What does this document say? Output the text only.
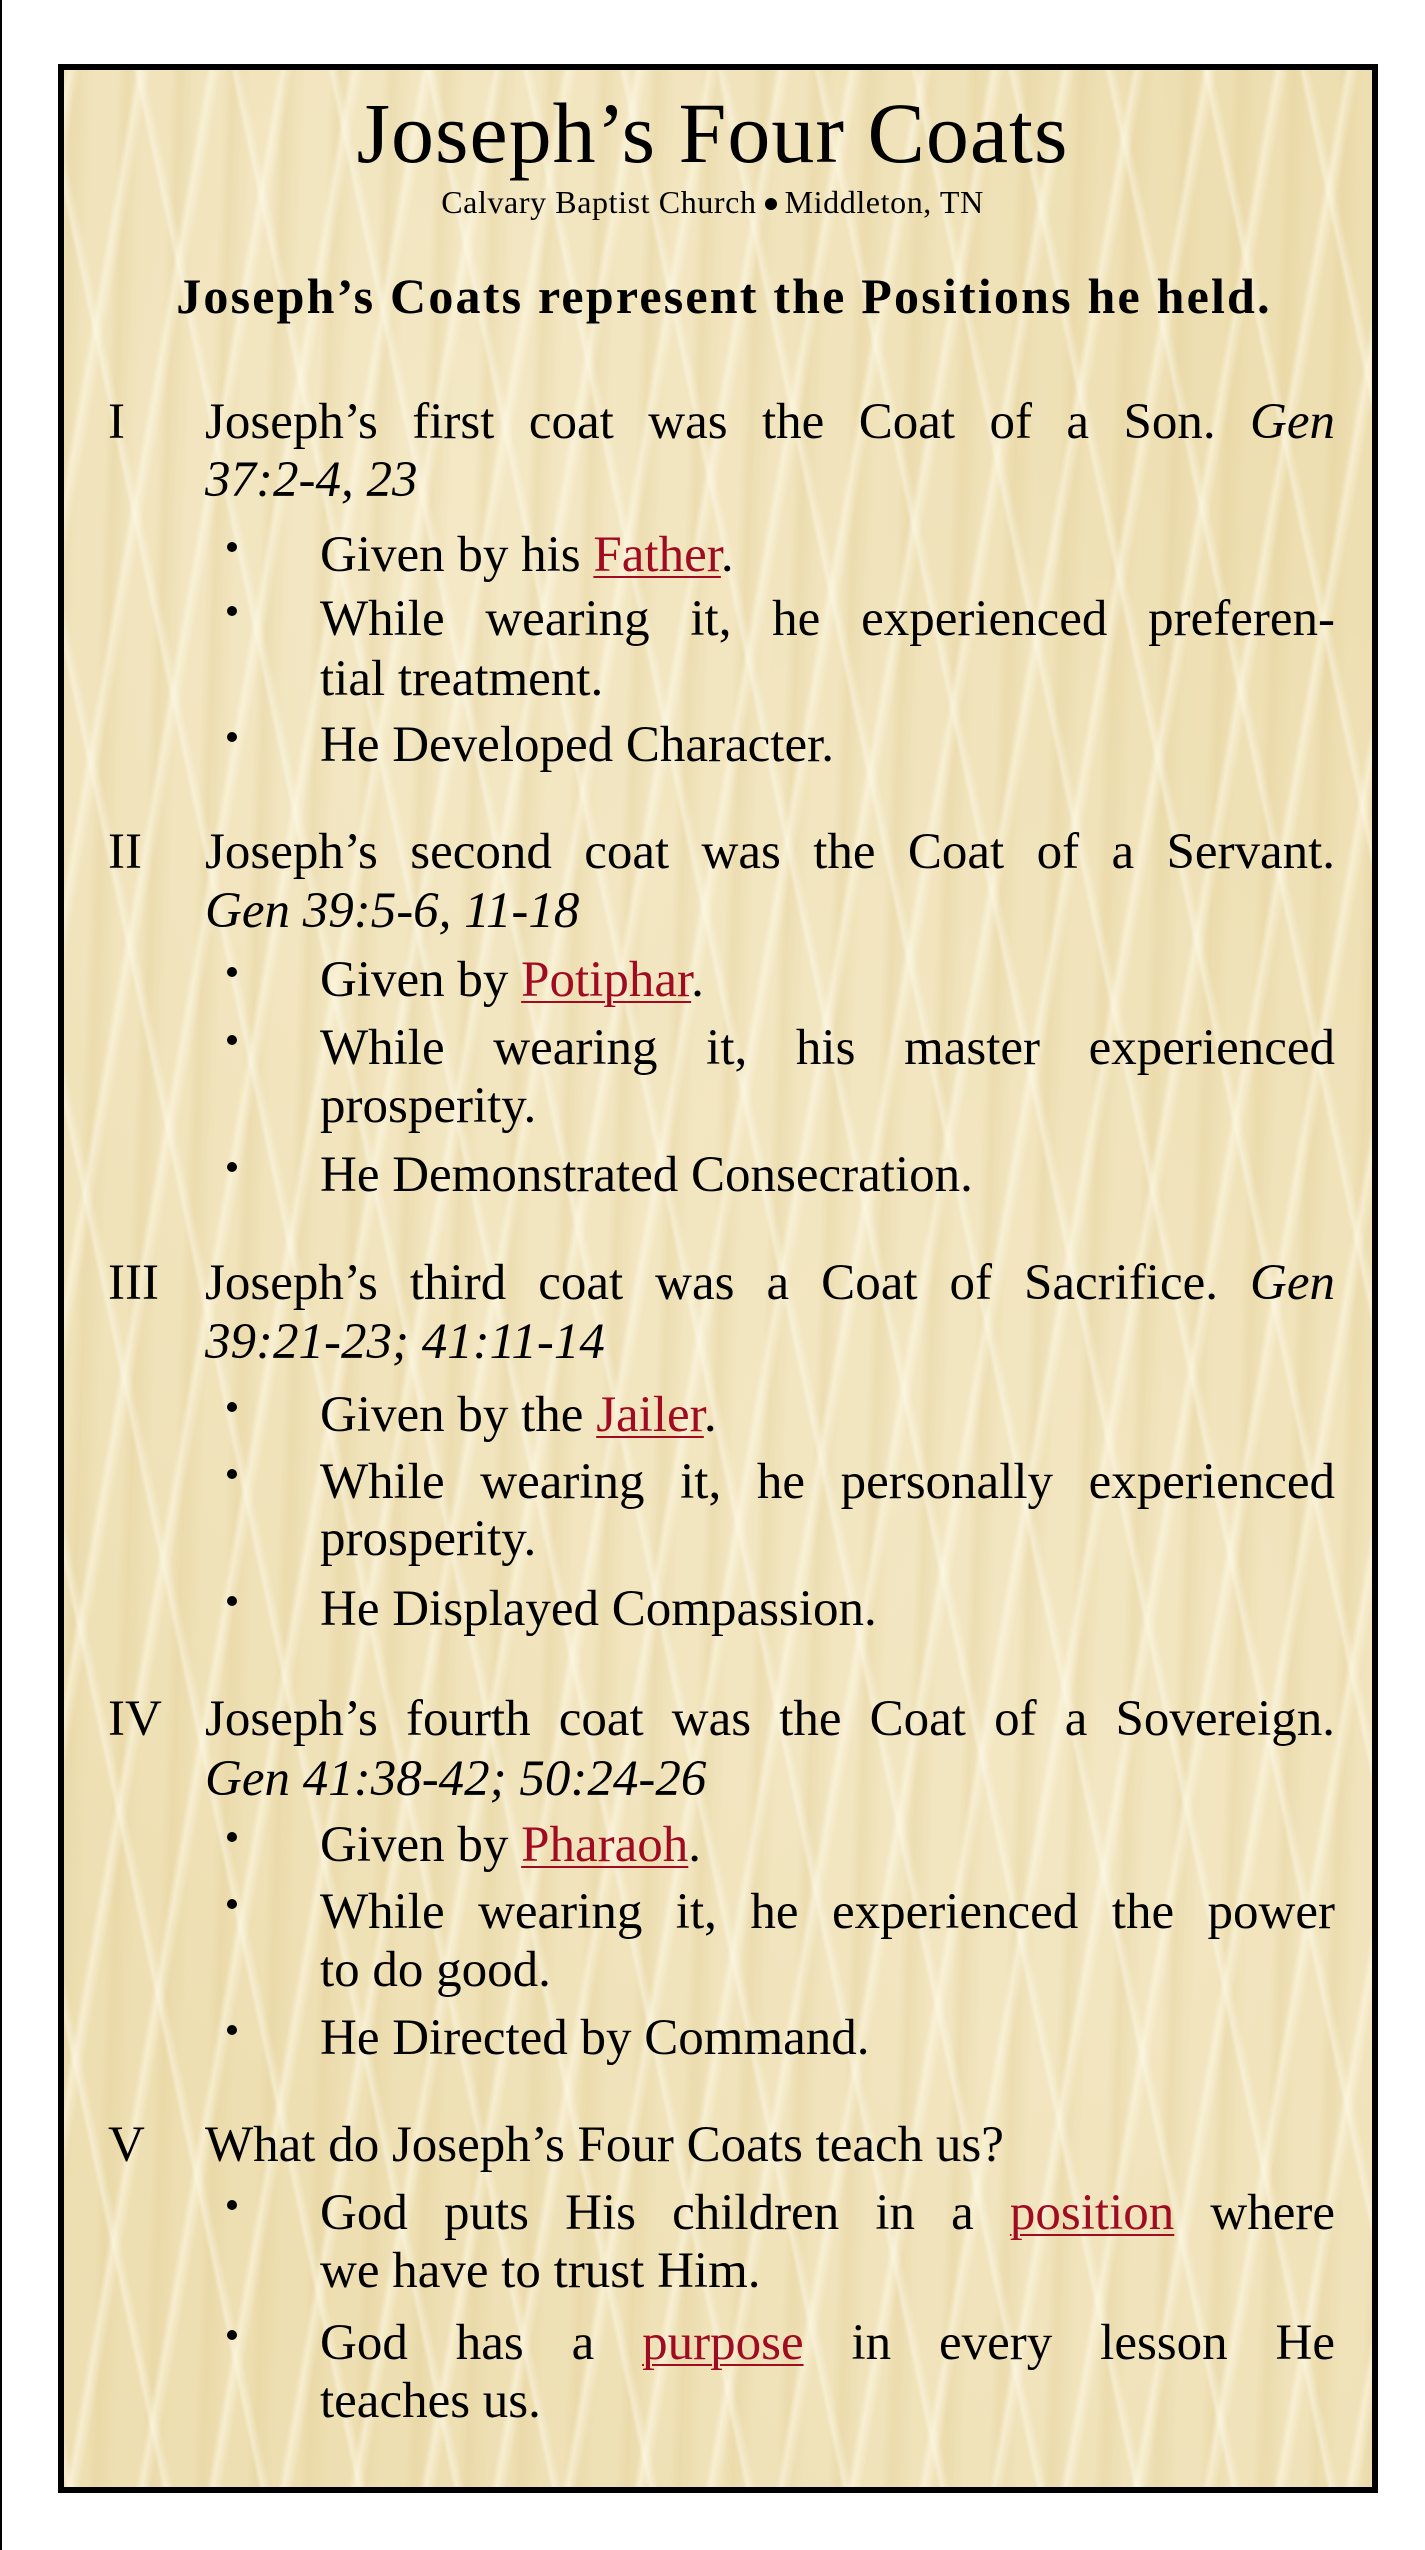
Joseph’s Four Coats
Calvary Baptist Church Middleton, TN
Joseph’s Coats represent the Positions he held.
I Joseph’s first coat was the Coat of a Son. Gen
37:2-4, 23
Given by his Father.
While wearing it, he experienced preferen-
tial treatment.
He Developed Character.
II Joseph’s second coat was the Coat of a Servant.
Gen 39:5-6, 11-18
Given by Potiphar.
While wearing it, his master experienced
prosperity.
He Demonstrated Consecration.
III Joseph’s third coat was a Coat of Sacrifice. Gen
39:21-23; 41:11-14
Given by the Jailer.
While wearing it, he personally experienced
prosperity.
He Displayed Compassion.
IV Joseph’s fourth coat was the Coat of a Sovereign.
Gen 41:38-42; 50:24-26
Given by Pharaoh.
While wearing it, he experienced the power
to do good.
He Directed by Command.
V What do Joseph’s Four Coats teach us?
God puts His children in a position where
we have to trust Him.
God has a purpose in every lesson He
teaches us.
